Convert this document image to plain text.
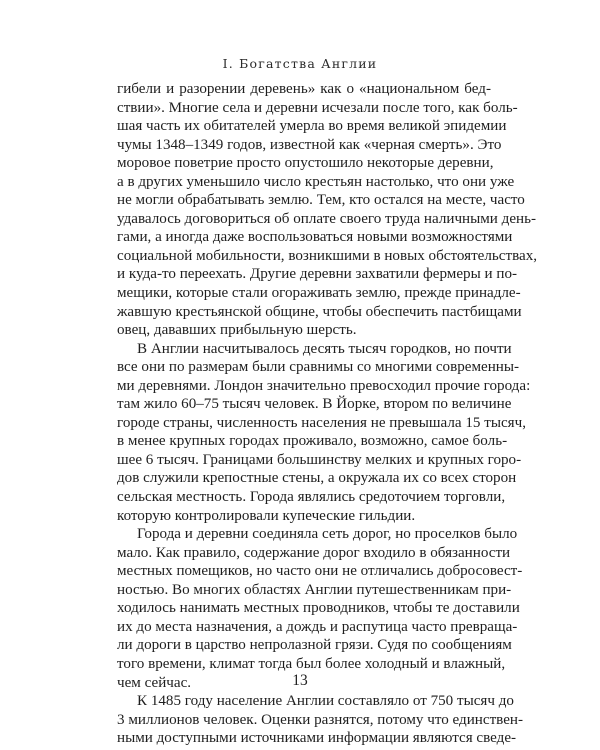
I. Богатства Англии
гибели и разорении деревень» как о «национальном бед-
ствии». Многие села и деревни исчезали после того, как боль-
шая часть их обитателей умерла во время великой эпидемии
чумы 1348–1349 годов, известной как «черная смерть». Это
моровое поветрие просто опустошило некоторые деревни,
а в других уменьшило число крестьян настолько, что они уже
не могли обрабатывать землю. Тем, кто остался на месте, часто
удавалось договориться об оплате своего труда наличными день-
гами, а иногда даже воспользоваться новыми возможностями
социальной мобильности, возникшими в новых обстоятельствах,
и куда-то переехать. Другие деревни захватили фермеры и по-
мещики, которые стали огораживать землю, прежде принадле-
жавшую крестьянской общине, чтобы обеспечить пастбищами
овец, дававших прибыльную шерсть.
В Англии насчитывалось десять тысяч городков, но почти
все они по размерам были сравнимы со многими современны-
ми деревнями. Лондон значительно превосходил прочие города:
там жило 60–75 тысяч человек. В Йорке, втором по величине
городе страны, численность населения не превышала 15 тысяч,
в менее крупных городах проживало, возможно, самое боль-
шее 6 тысяч. Границами большинству мелких и крупных горо-
дов служили крепостные стены, а окружала их со всех сторон
сельская местность. Города являлись средоточием торговли,
которую контролировали купеческие гильдии.
Города и деревни соединяла сеть дорог, но проселков было
мало. Как правило, содержание дорог входило в обязанности
местных помещиков, но часто они не отличались добросовест-
ностью. Во многих областях Англии путешественникам при-
ходилось нанимать местных проводников, чтобы те доставили
их до места назначения, а дождь и распутица часто превраща-
ли дороги в царство непролазной грязи. Судя по сообщениям
того времени, климат тогда был более холодный и влажный,
чем сейчас.
К 1485 году население Англии составляло от 750 тысяч до
3 миллионов человек. Оценки разнятся, потому что единствен-
ными доступными источниками информации являются сведе-
13
